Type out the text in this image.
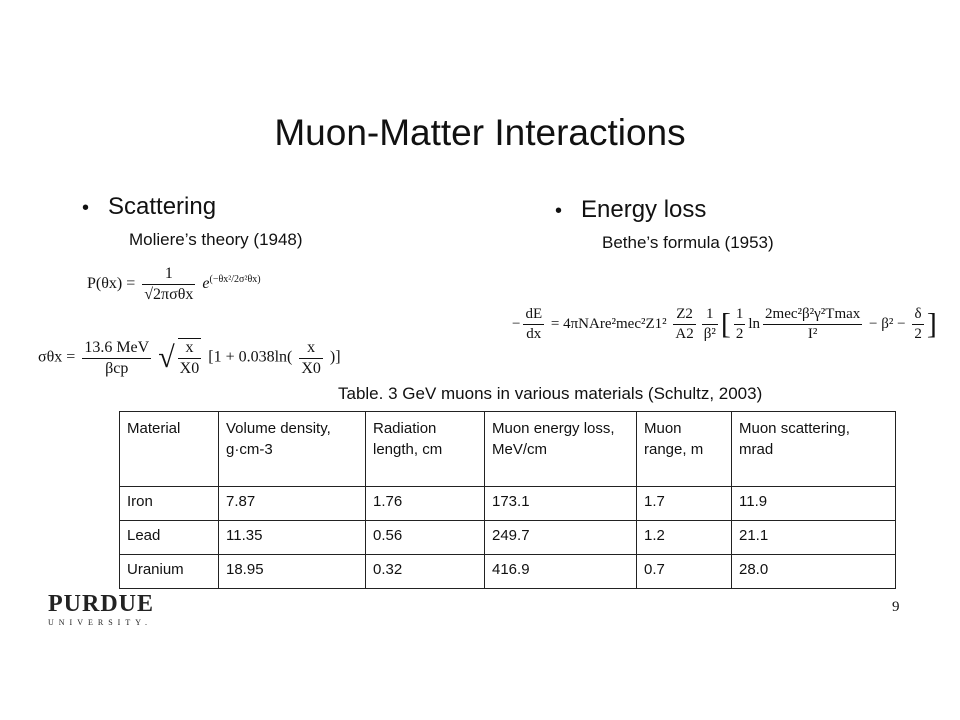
Muon-Matter Interactions
• Scattering
Moliere’s theory (1948)
$P(\theta x) = \frac{1}{\text{√2πσθx}} e^{(-\theta x^2/2\sigma^2\theta x)}$
$\sigma\theta x = \frac{\text{13.6 MeV}}{\text{βcp}}$ √ $\frac{x}{X0} [1 + 0.038\ln( \frac{x}{X0}$ )]
• Energy loss
Bethe’s formula (1953)
− $\frac{dE}{dx}$ = 4πNAre²mec²Z1² $\frac{Z2}{A2} \frac{1}{\text{β²}}$ [ $\frac{1}{2}$ $\ln \frac{\text{2mec²β²γ²Tmax}}{\text{I²}} - \beta^2 - \frac{\delta}{2}$ ]
Table. 3 GeV muons in various materials (Schultz, 2003)
Material	Volume density, g·cm-3	Radiation length, cm	Muon energy loss, MeV/cm	Muon range, m	Muon scattering, mrad
Iron	7.87	1.76	173.1	1.7	11.9
Lead	11.35	0.56	249.7	1.2	21.1
Uranium	18.95	0.32	416.9	0.7	28.0
PURDUE
UNIVERSITY.
9
